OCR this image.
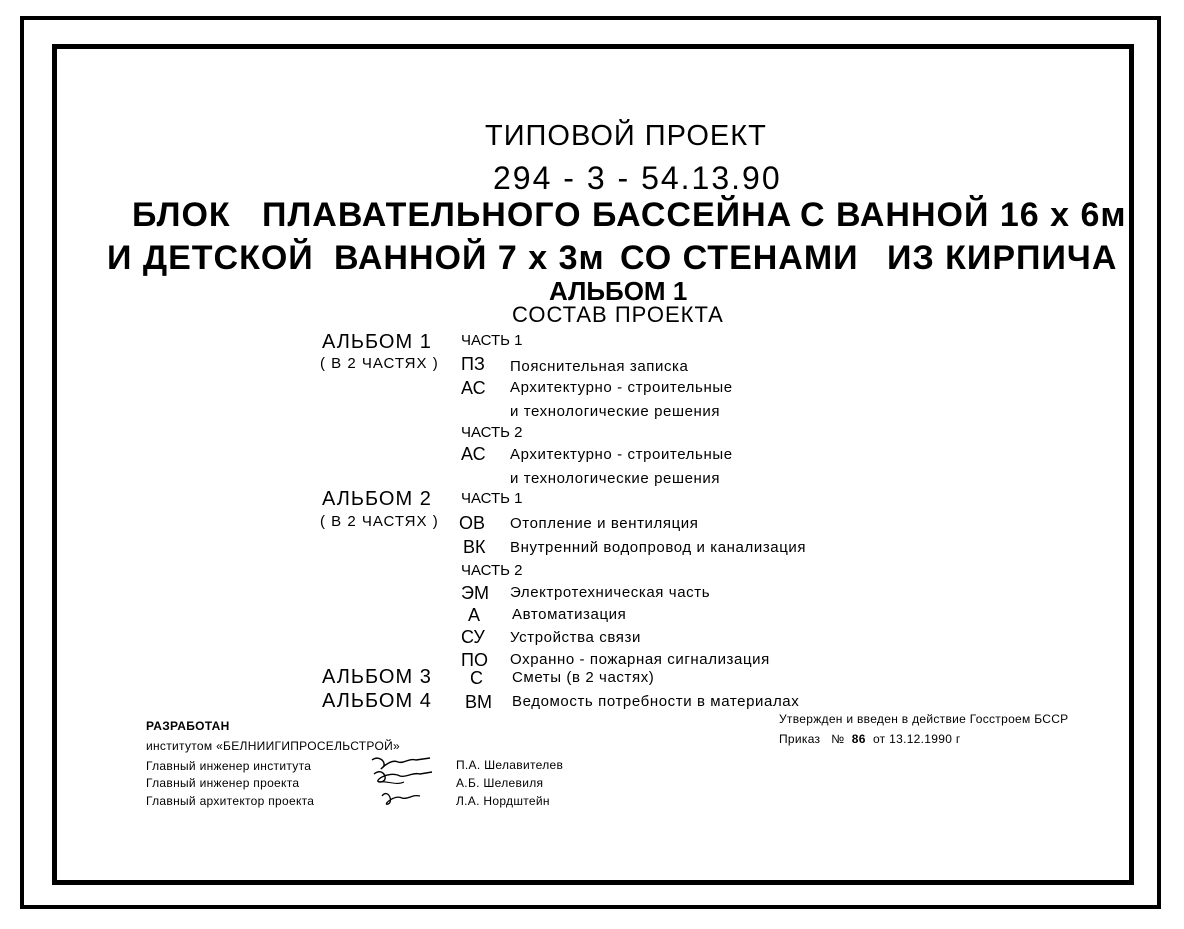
ТИПОВОЙ ПРОЕКТ
294 - 3 - 54.13.90
БЛОК ПЛАВАТЕЛЬНОГО БАССЕЙНА С ВАННОЙ 16 х 6м
И ДЕТСКОЙ ВАННОЙ 7 х 3м СО СТЕНАМИ ИЗ КИРПИЧА
АЛЬБОМ 1
СОСТАВ ПРОЕКТА
АЛЬБОМ 1
( В 2 ЧАСТЯХ )
АЛЬБОМ 2
( В 2 ЧАСТЯХ )
АЛЬБОМ 3
АЛЬБОМ 4
ЧАСТЬ 1
ПЗ Пояснительная записка
АС Архитектурно - строительные
и технологические решения
ЧАСТЬ 2
АС Архитектурно - строительные
и технологические решения
ЧАСТЬ 1
ОВ Отопление и вентиляция
ВК Внутренний водопровод и канализация
ЧАСТЬ 2
ЭМ Электротехническая часть
А Автоматизация
СУ Устройства связи
ПО Охранно - пожарная сигнализация
С Сметы (в 2 частях)
ВМ Ведомость потребности в материалах
РАЗРАБОТАН
институтом «БЕЛНИИГИПРОСЕЛЬСТРОЙ»
Главный инженер института
Главный инженер проекта
Главный архитектор проекта
П.А. Шелавителев
А.Б. Шелевиля
Л.А. Нордштейн
Утвержден и введен в действие Госстроем БССР
Приказ № 86 от 13.12.1990 г
